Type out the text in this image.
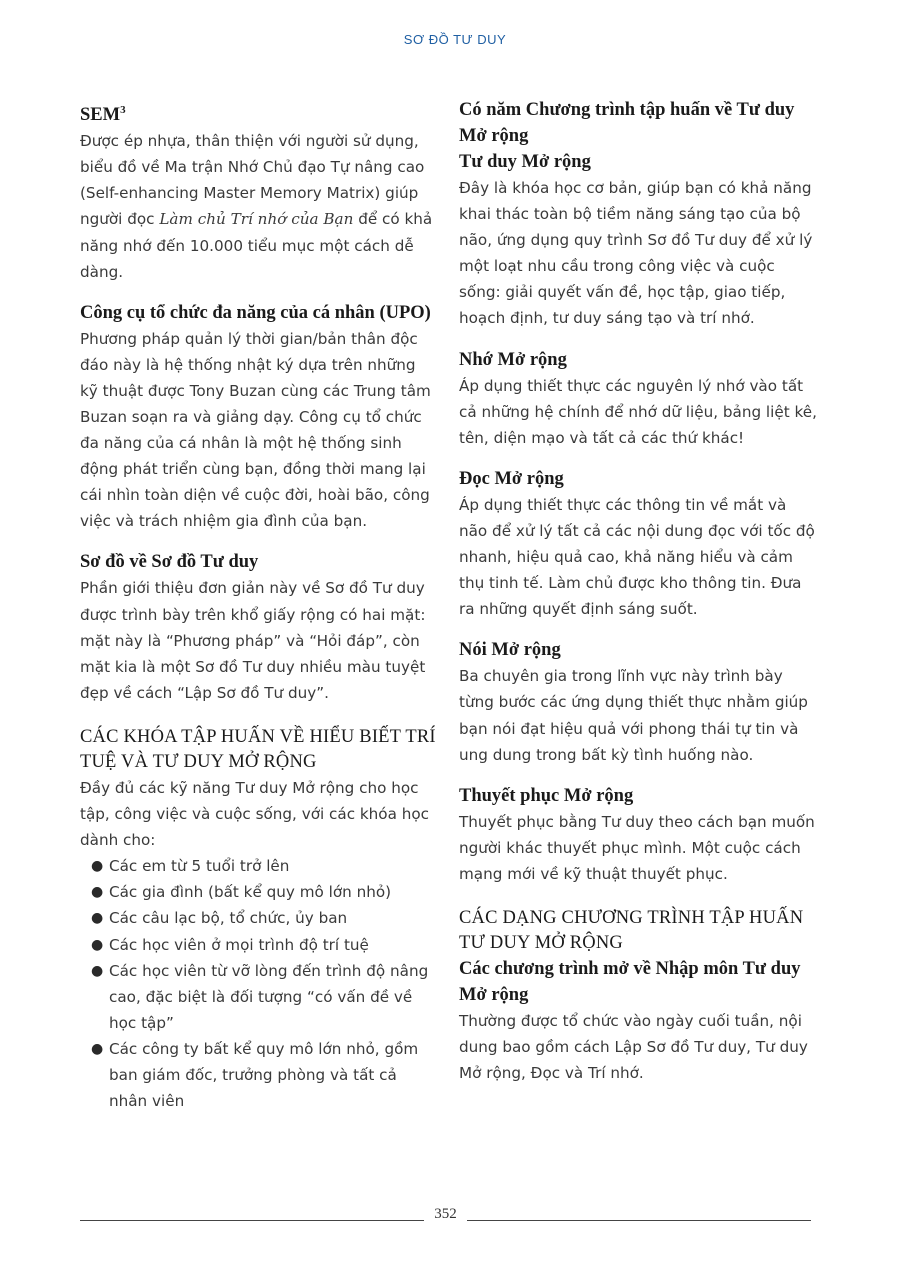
SƠ ĐỒ TƯ DUY
SEM$^3$

Được ép nhựa, thân thiện với người sử dụng, biểu đồ về Ma trận Nhớ Chủ đạo Tự nâng cao (Self-enhancing Master Memory Matrix) giúp người đọc Làm chủ Trí nhớ của Bạn để có khả năng nhớ đến 10.000 tiểu mục một cách dễ dàng.

Công cụ tổ chức đa năng của cá nhân (UPO)

Phương pháp quản lý thời gian/bản thân độc đáo này là hệ thống nhật ký dựa trên những kỹ thuật được Tony Buzan cùng các Trung tâm Buzan soạn ra và giảng dạy. Công cụ tổ chức đa năng của cá nhân là một hệ thống sinh động phát triển cùng bạn, đồng thời mang lại cái nhìn toàn diện về cuộc đời, hoài bão, công việc và trách nhiệm gia đình của bạn.

Sơ đồ về Sơ đồ Tư duy

Phần giới thiệu đơn giản này về Sơ đồ Tư duy được trình bày trên khổ giấy rộng có hai mặt: mặt này là “Phương pháp” và “Hỏi đáp”, còn mặt kia là một Sơ đồ Tư duy nhiều màu tuyệt đẹp về cách “Lập Sơ đồ Tư duy”.

CÁC KHÓA TẬP HUẤN VỀ HIỂU BIẾT TRÍ TUỆ VÀ TƯ DUY MỞ RỘNG

Đầy đủ các kỹ năng Tư duy Mở rộng cho học tập, công việc và cuộc sống, với các khóa học dành cho:

● Các em từ 5 tuổi trở lên
● Các gia đình (bất kể quy mô lớn nhỏ)
● Các câu lạc bộ, tổ chức, ủy ban
● Các học viên ở mọi trình độ trí tuệ
● Các học viên từ vỡ lòng đến trình độ nâng cao, đặc biệt là đối tượng “có vấn đề về học tập”
● Các công ty bất kể quy mô lớn nhỏ, gồm ban giám đốc, trưởng phòng và tất cả nhân viên
Có năm Chương trình tập huấn về Tư duy Mở rộng
Tư duy Mở rộng

Đây là khóa học cơ bản, giúp bạn có khả năng khai thác toàn bộ tiềm năng sáng tạo của bộ não, ứng dụng quy trình Sơ đồ Tư duy để xử lý một loạt nhu cầu trong công việc và cuộc sống: giải quyết vấn đề, học tập, giao tiếp, hoạch định, tư duy sáng tạo và trí nhớ.

Nhớ Mở rộng

Áp dụng thiết thực các nguyên lý nhớ vào tất cả những hệ chính để nhớ dữ liệu, bảng liệt kê, tên, diện mạo và tất cả các thứ khác!

Đọc Mở rộng

Áp dụng thiết thực các thông tin về mắt và não để xử lý tất cả các nội dung đọc với tốc độ nhanh, hiệu quả cao, khả năng hiểu và cảm thụ tinh tế. Làm chủ được kho thông tin. Đưa ra những quyết định sáng suốt.

Nói Mở rộng

Ba chuyên gia trong lĩnh vực này trình bày từng bước các ứng dụng thiết thực nhằm giúp bạn nói đạt hiệu quả với phong thái tự tin và ung dung trong bất kỳ tình huống nào.

Thuyết phục Mở rộng

Thuyết phục bằng Tư duy theo cách bạn muốn người khác thuyết phục mình. Một cuộc cách mạng mới về kỹ thuật thuyết phục.

CÁC DẠNG CHƯƠNG TRÌNH TẬP HUẤN TƯ DUY MỞ RỘNG
Các chương trình mở về Nhập môn Tư duy Mở rộng

Thường được tổ chức vào ngày cuối tuần, nội dung bao gồm cách Lập Sơ đồ Tư duy, Tư duy Mở rộng, Đọc và Trí nhớ.

352
